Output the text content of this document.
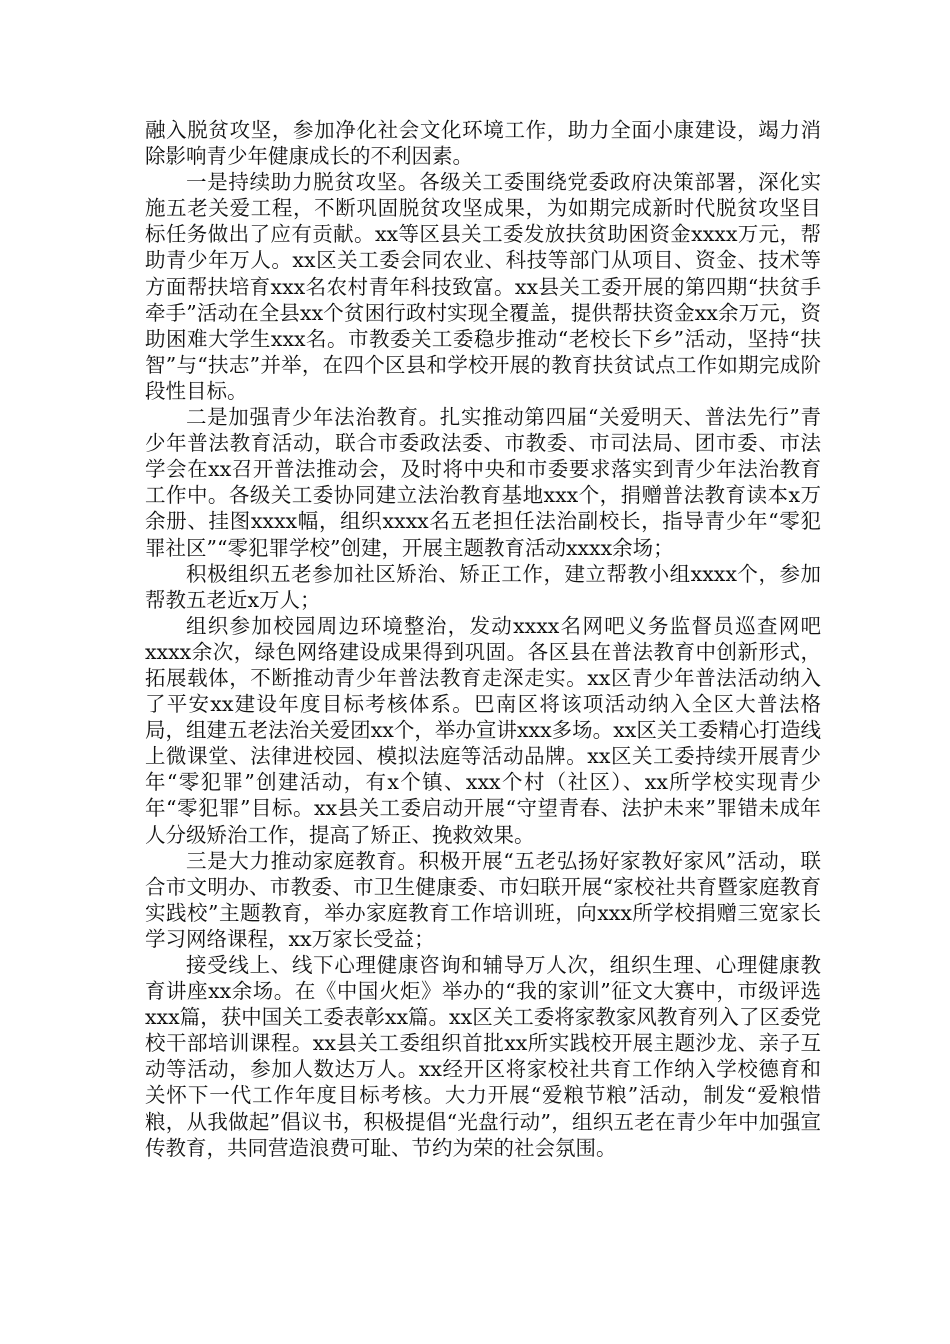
融入脱贫攻坚，参加净化社会文化环境工作，助力全面小康建设，竭力消除影响青少年健康成长的不利因素。

一是持续助力脱贫攻坚。各级关工委围绕党委政府决策部署，深化实施五老关爱工程，不断巩固脱贫攻坚成果，为如期完成新时代脱贫攻坚目标任务做出了应有贡献。xx等区县关工委发放扶贫助困资金xxxx万元，帮助青少年万人。xx区关工委会同农业、科技等部门从项目、资金、技术等方面帮扶培育xxx名农村青年科技致富。xx县关工委开展的第四期“扶贫手牵手”活动在全县xx个贫困行政村实现全覆盖，提供帮扶资金xx余万元，资助困难大学生xxx名。市教委关工委稳步推动“老校长下乡”活动，坚持“扶智”与“扶志”并举，在四个区县和学校开展的教育扶贫试点工作如期完成阶段性目标。

二是加强青少年法治教育。扎实推动第四届“关爱明天、普法先行”青少年普法教育活动，联合市委政法委、市教委、市司法局、团市委、市法学会在xx召开普法推动会，及时将中央和市委要求落实到青少年法治教育工作中。各级关工委协同建立法治教育基地xxx个，捐赠普法教育读本x万余册、挂图xxxx幅，组织xxxx名五老担任法治副校长，指导青少年“零犯罪社区”“零犯罪学校”创建，开展主题教育活动xxxx余场；

积极组织五老参加社区矫治、矫正工作，建立帮教小组xxxx个，参加帮教五老近x万人；

组织参加校园周边环境整治，发动xxxx名网吧义务监督员巡查网吧xxxx余次，绿色网络建设成果得到巩固。各区县在普法教育中创新形式，拓展载体，不断推动青少年普法教育走深走实。xx区青少年普法活动纳入了平安xx建设年度目标考核体系。巴南区将该项活动纳入全区大普法格局，组建五老法治关爱团xx个，举办宣讲xxx多场。xx区关工委精心打造线上微课堂、法律进校园、模拟法庭等活动品牌。xx区关工委持续开展青少年“零犯罪”创建活动，有x个镇、xxx个村（社区）、xx所学校实现青少年“零犯罪”目标。xx县关工委启动开展“守望青春、法护未来”罪错未成年人分级矫治工作，提高了矫正、挽救效果。

三是大力推动家庭教育。积极开展“五老弘扬好家教好家风”活动，联合市文明办、市教委、市卫生健康委、市妇联开展“家校社共育暨家庭教育实践校”主题教育，举办家庭教育工作培训班，向xxx所学校捐赠三宽家长学习网络课程，xx万家长受益；

接受线上、线下心理健康咨询和辅导万人次，组织生理、心理健康教育讲座xx余场。在《中国火炬》举办的“我的家训”征文大赛中，市级评选xxx篇，获中国关工委表彰xx篇。xx区关工委将家教家风教育列入了区委党校干部培训课程。xx县关工委组织首批xx所实践校开展主题沙龙、亲子互动等活动，参加人数达万人。xx经开区将家校社共育工作纳入学校德育和关怀下一代工作年度目标考核。大力开展“爱粮节粮”活动，制发“爱粮惜粮，从我做起”倡议书，积极提倡“光盘行动”，组织五老在青少年中加强宣传教育，共同营造浪费可耻、节约为荣的社会氛围。
